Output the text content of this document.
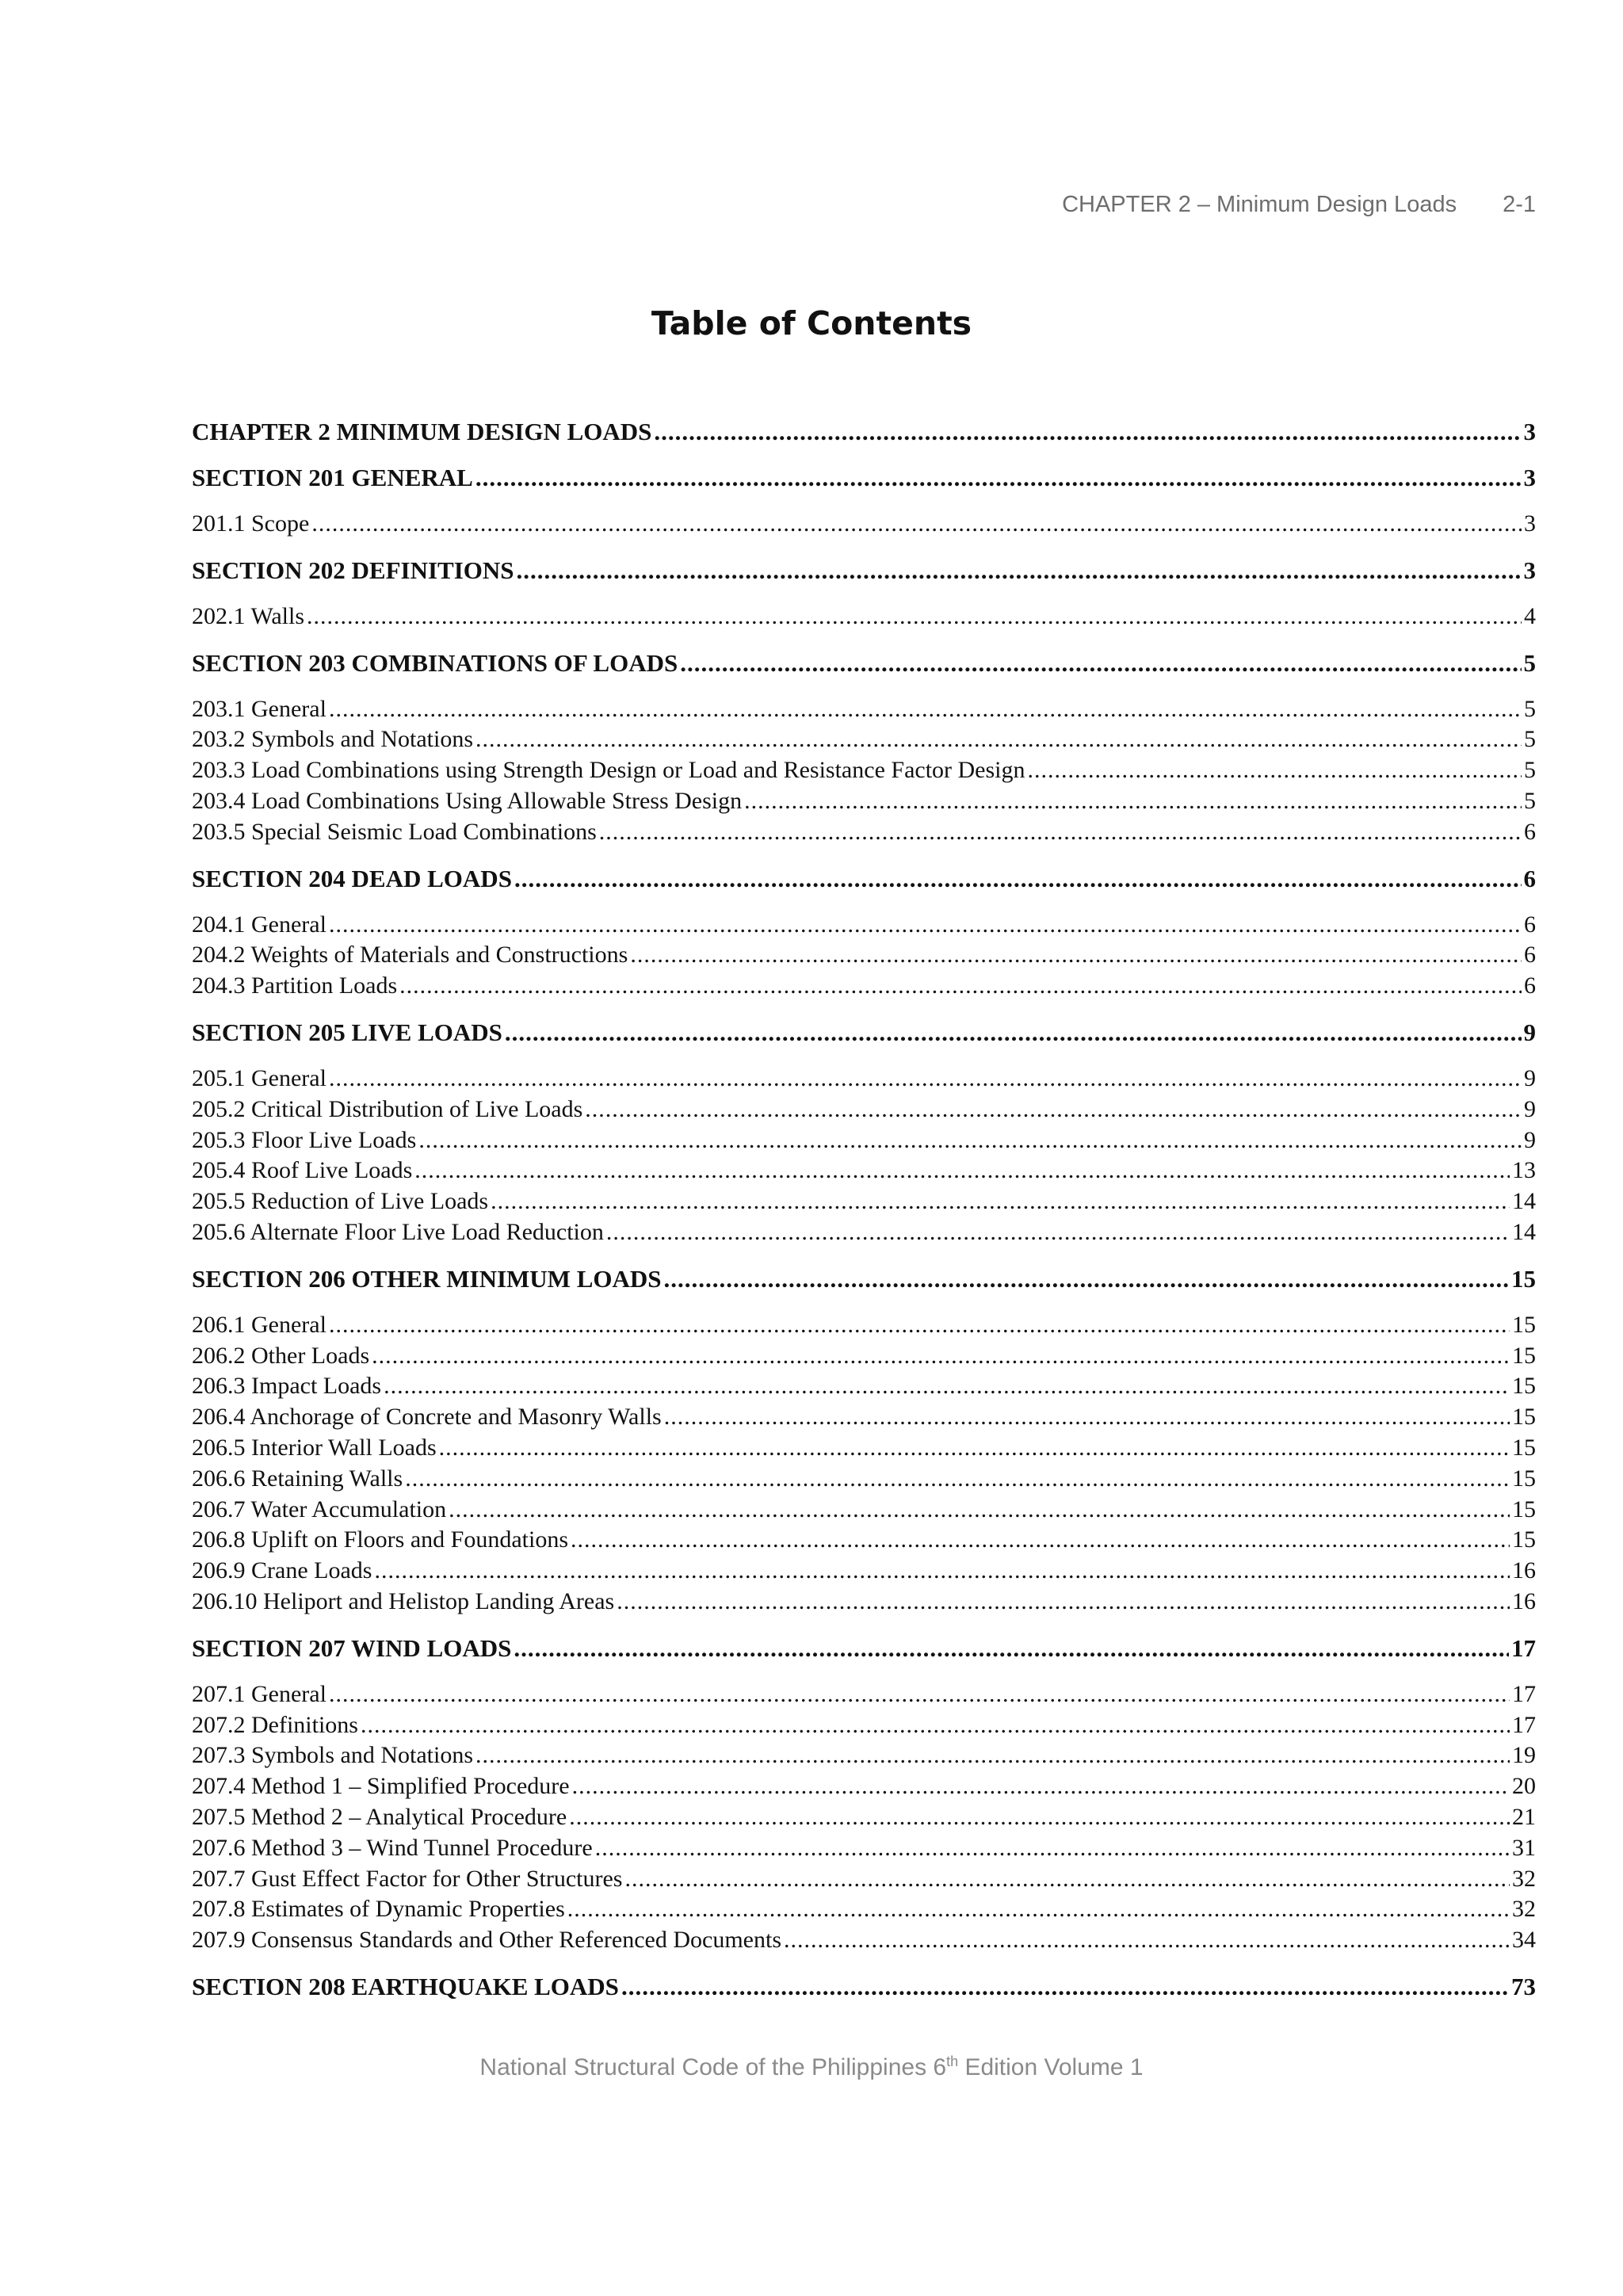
CHAPTER 2 – Minimum Design Loads 2-1
Table of Contents
CHAPTER 2 MINIMUM DESIGN LOADS .....	3
SECTION 201 GENERAL .....	3
201.1 Scope .....	3
SECTION 202 DEFINITIONS .....	3
202.1 Walls .....	4
SECTION 203 COMBINATIONS OF LOADS .....	5
203.1 General .....	5
203.2 Symbols and Notations .....	5
203.3 Load Combinations using Strength Design or Load and Resistance Factor Design .....	5
203.4 Load Combinations Using Allowable Stress Design .....	5
203.5 Special Seismic Load Combinations .....	6
SECTION 204 DEAD LOADS .....	6
204.1 General .....	6
204.2 Weights of Materials and Constructions .....	6
204.3 Partition Loads .....	6
SECTION 205 LIVE LOADS .....	9
205.1 General .....	9
205.2 Critical Distribution of Live Loads .....	9
205.3 Floor Live Loads .....	9
205.4 Roof Live Loads .....	13
205.5 Reduction of Live Loads .....	14
205.6 Alternate Floor Live Load Reduction .....	14
SECTION 206 OTHER MINIMUM LOADS .....	15
206.1 General .....	15
206.2 Other Loads .....	15
206.3 Impact Loads .....	15
206.4 Anchorage of Concrete and Masonry Walls .....	15
206.5 Interior Wall Loads .....	15
206.6 Retaining Walls .....	15
206.7 Water Accumulation .....	15
206.8 Uplift on Floors and Foundations .....	15
206.9 Crane Loads .....	16
206.10 Heliport and Helistop Landing Areas .....	16
SECTION 207 WIND LOADS .....	17
207.1 General .....	17
207.2 Definitions .....	17
207.3 Symbols and Notations .....	19
207.4 Method 1 – Simplified Procedure .....	20
207.5 Method 2 – Analytical Procedure .....	21
207.6 Method 3 – Wind Tunnel Procedure .....	31
207.7 Gust Effect Factor for Other Structures .....	32
207.8 Estimates of Dynamic Properties .....	32
207.9 Consensus Standards and Other Referenced Documents .....	34
SECTION 208 EARTHQUAKE LOADS .....	73
National Structural Code of the Philippines 6th Edition Volume 1
